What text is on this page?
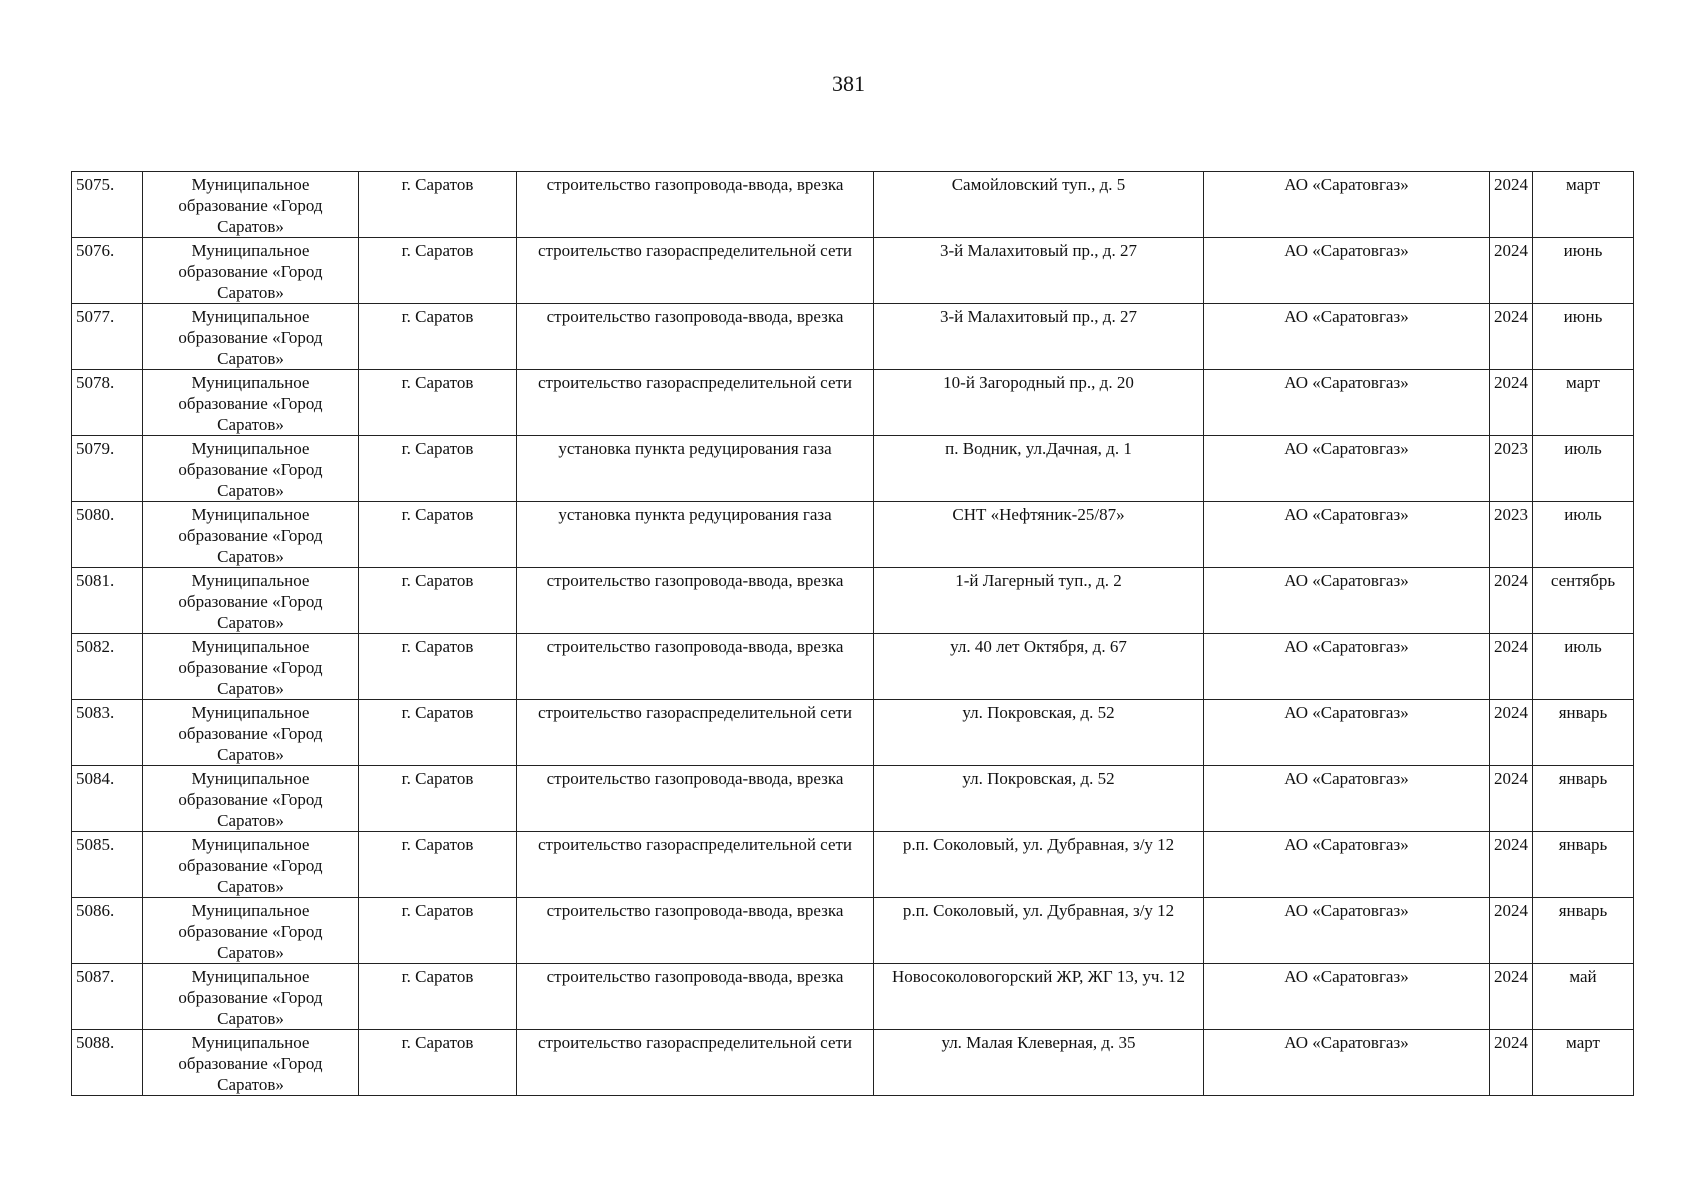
381
5075.	Муниципальное образование «Город Саратов»	г. Саратов	строительство газопровода-ввода, врезка	Самойловский туп., д. 5	АО «Саратовгаз»	2024	март
5076.	Муниципальное образование «Город Саратов»	г. Саратов	строительство газораспределительной сети	3-й Малахитовый пр., д. 27	АО «Саратовгаз»	2024	июнь
5077.	Муниципальное образование «Город Саратов»	г. Саратов	строительство газопровода-ввода, врезка	3-й Малахитовый пр., д. 27	АО «Саратовгаз»	2024	июнь
5078.	Муниципальное образование «Город Саратов»	г. Саратов	строительство газораспределительной сети	10-й Загородный пр., д. 20	АО «Саратовгаз»	2024	март
5079.	Муниципальное образование «Город Саратов»	г. Саратов	установка пункта редуцирования газа	п. Водник, ул.Дачная, д. 1	АО «Саратовгаз»	2023	июль
5080.	Муниципальное образование «Город Саратов»	г. Саратов	установка пункта редуцирования газа	СНТ «Нефтяник-25/87»	АО «Саратовгаз»	2023	июль
5081.	Муниципальное образование «Город Саратов»	г. Саратов	строительство газопровода-ввода, врезка	1-й Лагерный туп., д. 2	АО «Саратовгаз»	2024	сентябрь
5082.	Муниципальное образование «Город Саратов»	г. Саратов	строительство газопровода-ввода, врезка	ул. 40 лет Октября, д. 67	АО «Саратовгаз»	2024	июль
5083.	Муниципальное образование «Город Саратов»	г. Саратов	строительство газораспределительной сети	ул. Покровская, д. 52	АО «Саратовгаз»	2024	январь
5084.	Муниципальное образование «Город Саратов»	г. Саратов	строительство газопровода-ввода, врезка	ул. Покровская, д. 52	АО «Саратовгаз»	2024	январь
5085.	Муниципальное образование «Город Саратов»	г. Саратов	строительство газораспределительной сети	р.п. Соколовый, ул. Дубравная, з/у 12	АО «Саратовгаз»	2024	январь
5086.	Муниципальное образование «Город Саратов»	г. Саратов	строительство газопровода-ввода, врезка	р.п. Соколовый, ул. Дубравная, з/у 12	АО «Саратовгаз»	2024	январь
5087.	Муниципальное образование «Город Саратов»	г. Саратов	строительство газопровода-ввода, врезка	Новосоколовогорский ЖР, ЖГ 13, уч. 12	АО «Саратовгаз»	2024	май
5088.	Муниципальное образование «Город Саратов»	г. Саратов	строительство газораспределительной сети	ул. Малая Клеверная, д. 35	АО «Саратовгаз»	2024	март
